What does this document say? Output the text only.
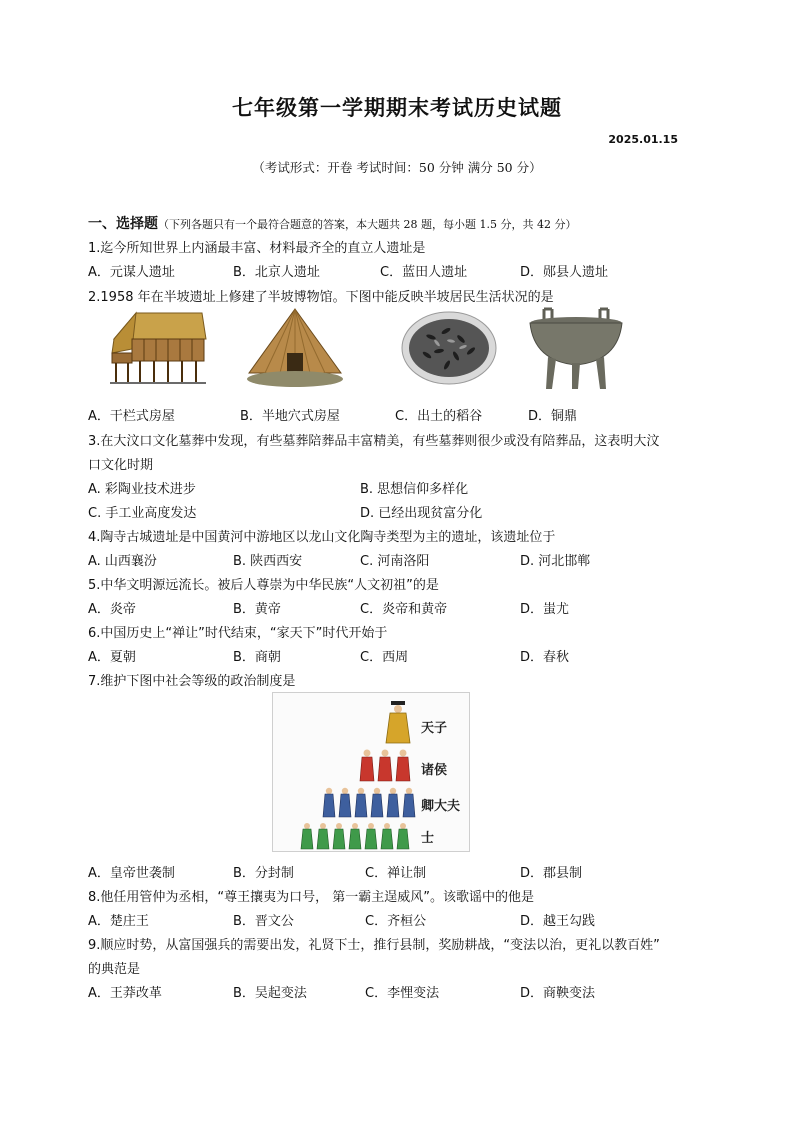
七年级第一学期期末考试历史试题
2025.01.15
（考试形式：开卷 考试时间：50 分钟 满分 50 分）
一、选择题（下列各题只有一个最符合题意的答案，本大题共 28 题，每小题 1.5 分，共 42 分）
1.迄今所知世界上内涵最丰富、材料最齐全的直立人遗址是
A．元谋人遗址	B．北京人遗址	C．蓝田人遗址	D．郧县人遗址
2.1958 年在半坡遗址上修建了半坡博物馆。下图中能反映半坡居民生活状况的是
A．干栏式房屋	B．半地穴式房屋	C．出土的稻谷	D．铜鼎
3.在大汶口文化墓葬中发现，有些墓葬陪葬品丰富精美，有些墓葬则很少或没有陪葬品，这表明大汶
口文化时期
A. 彩陶业技术进步	B. 思想信仰多样化
C. 手工业高度发达	D. 已经出现贫富分化
4.陶寺古城遗址是中国黄河中游地区以龙山文化陶寺类型为主的遗址，该遗址位于
A. 山西襄汾	B. 陕西西安	C. 河南洛阳	D. 河北邯郸
5.中华文明源远流长。被后人尊崇为中华民族“人文初祖”的是
A．炎帝	B．黄帝	C．炎帝和黄帝	D．蚩尤
6.中国历史上“禅让”时代结束，“家天下”时代开始于
A．夏朝	B．商朝	C．西周	D．春秋
7.维护下图中社会等级的政治制度是
天子
诸侯
卿大夫
士
A．皇帝世袭制	B．分封制	C．禅让制	D．郡县制
8.他任用管仲为丞相，“尊王攘夷为口号， 第一霸主逞威风”。该歌谣中的他是
A．楚庄王	B．晋文公	C．齐桓公	D．越王勾践
9.顺应时势，从富国强兵的需要出发，礼贤下士，推行县制，奖励耕战，“变法以治，更礼以教百姓”
的典范是
A．王莽改革	B．吴起变法	C．李悝变法	D．商鞅变法
